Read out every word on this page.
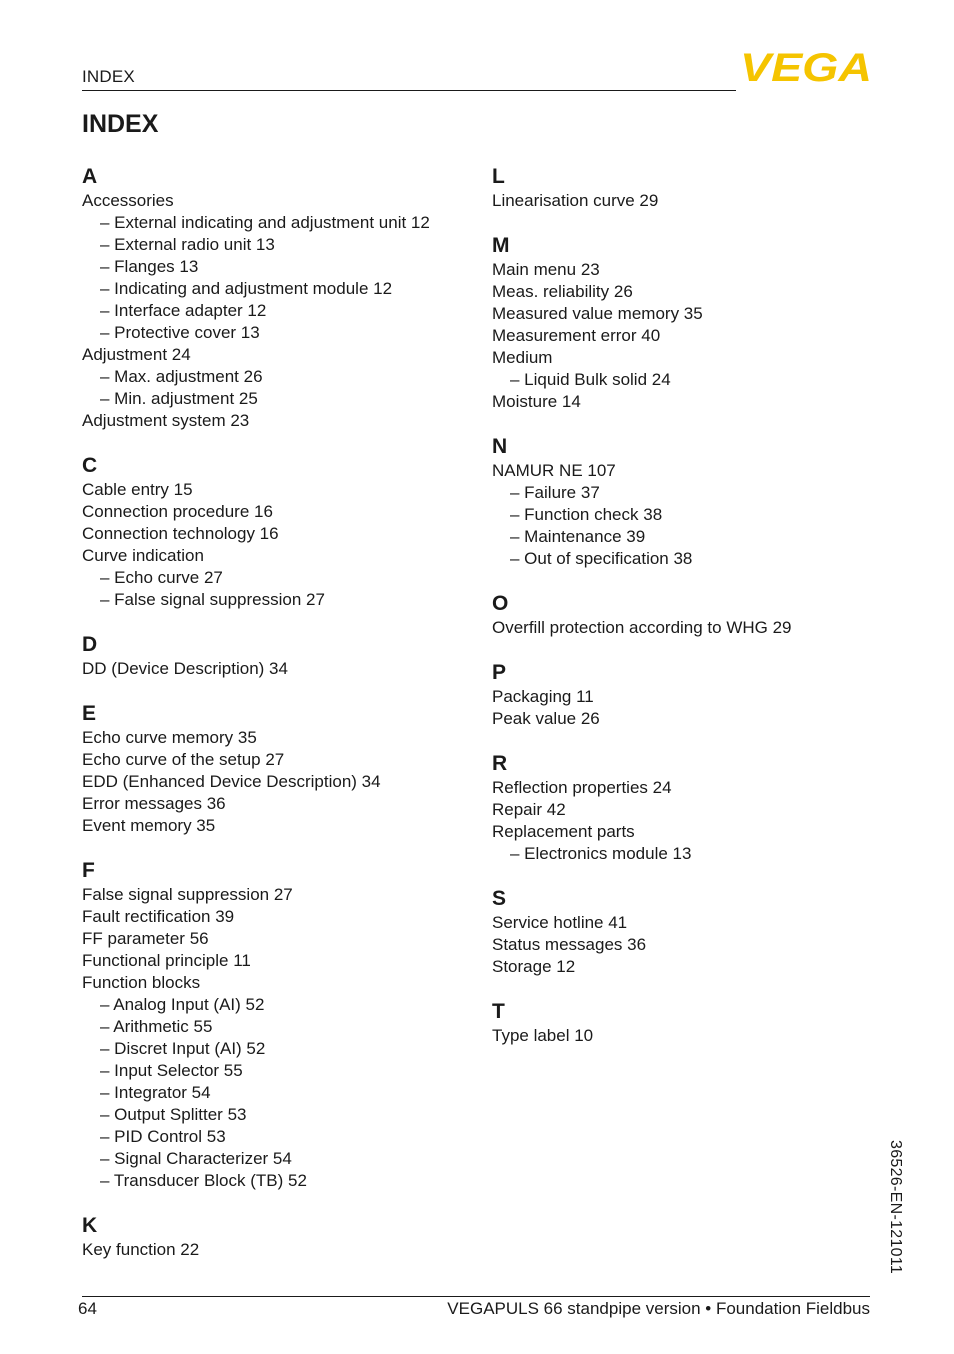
INDEX	VEGA
INDEX
A
Accessories
– External indicating and adjustment unit 12
– External radio unit 13
– Flanges 13
– Indicating and adjustment module 12
– Interface adapter 12
– Protective cover 13
Adjustment 24
– Max. adjustment 26
– Min. adjustment 25
Adjustment system 23
C
Cable entry 15
Connection procedure 16
Connection technology 16
Curve indication
– Echo curve 27
– False signal suppression 27
D
DD (Device Description) 34
E
Echo curve memory 35
Echo curve of the setup 27
EDD (Enhanced Device Description) 34
Error messages 36
Event memory 35
F
False signal suppression 27
Fault rectification 39
FF parameter 56
Functional principle 11
Function blocks
– Analog Input (AI) 52
– Arithmetic 55
– Discret Input (AI) 52
– Input Selector 55
– Integrator 54
– Output Splitter 53
– PID Control 53
– Signal Characterizer 54
– Transducer Block (TB) 52
K
Key function 22
L
Linearisation curve 29
M
Main menu 23
Meas. reliability 26
Measured value memory 35
Measurement error 40
Medium
– Liquid Bulk solid 24
Moisture 14
N
NAMUR NE 107
– Failure 37
– Function check 38
– Maintenance 39
– Out of specification 38
O
Overfill protection according to WHG 29
P
Packaging 11
Peak value 26
R
Reflection properties 24
Repair 42
Replacement parts
– Electronics module 13
S
Service hotline 41
Status messages 36
Storage 12
T
Type label 10
36526-EN-121011
64	VEGAPULS 66 standpipe version • Foundation Fieldbus
